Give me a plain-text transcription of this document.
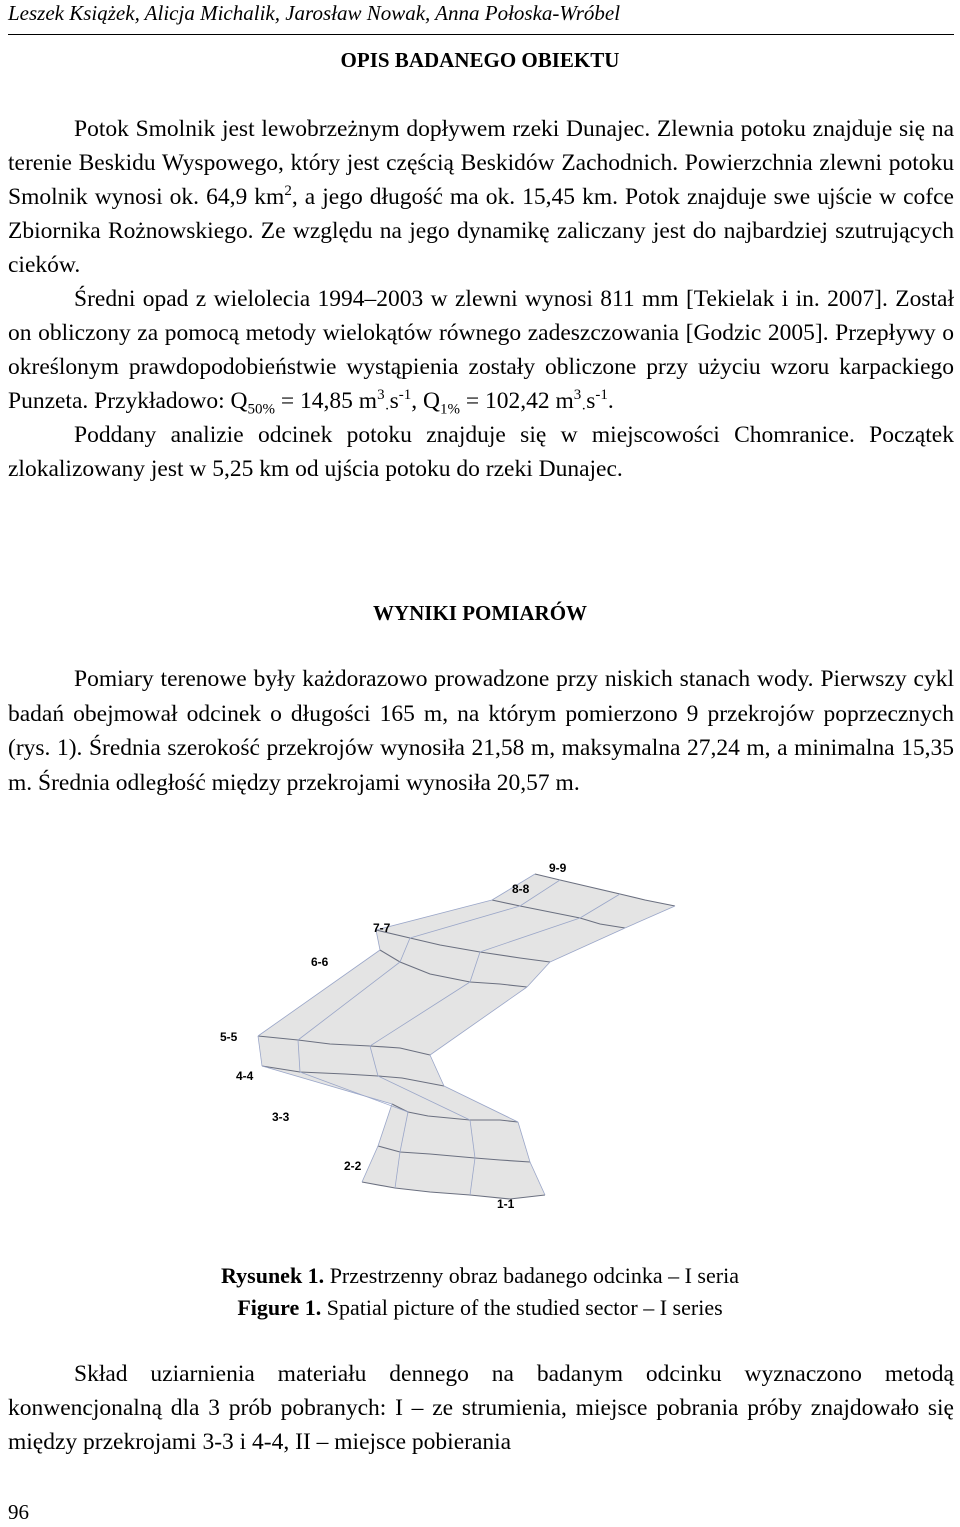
Leszek Książek, Alicja Michalik, Jarosław Nowak, Anna Połoska-Wróbel
OPIS BADANEGO OBIEKTU

Potok Smolnik jest lewobrzeżnym dopływem rzeki Dunajec. Zlewnia potoku znajduje się na terenie Beskidu Wyspowego, który jest częścią Beskidów Zachodnich. Powierzchnia zlewni potoku Smolnik wynosi ok. 64,9 $km^2$, a jego długość ma ok. 15,45 km. Potok znajduje swe ujście w cofce Zbiornika Rożnowskiego. Ze względu na jego dynamikę zaliczany jest do najbardziej szutrujących cieków.

Średni opad z wielolecia 1994–2003 w zlewni wynosi 811 mm [Tekielak i in. 2007]. Został on obliczony za pomocą metody wielokątów równego zadeszczowania [Godzic 2005]. Przepływy o określonym prawdopodobieństwie wystąpienia zostały obliczone przy użyciu wzoru karpackiego Punzeta. Przykładowo: $Q_{50\%} = 14,85$ $m^3_\cdot s^{-1}$, $Q_{1\%} = 102,42$ $m^3_\cdot s^{-1}$.

Poddany analizie odcinek potoku znajduje się w miejscowości Chomranice. Początek zlokalizowany jest w 5,25 km od ujścia potoku do rzeki Dunajec.

WYNIKI POMIARÓW

Pomiary terenowe były każdorazowo prowadzone przy niskich stanach wody. Pierwszy cykl badań obejmował odcinek o długości 165 m, na którym pomierzono 9 przekrojów poprzecznych (rys. 1). Średnia szerokość przekrojów wynosiła 21,58 m, maksymalna 27,24 m, a minimalna 15,35 m. Średnia odległość między przekrojami wynosiła 20,57 m.

1-1
2-2
3-3
4-4
5-5
6-6
7-7
8-8
9-9
Rysunek 1. Przestrzenny obraz badanego odcinka – I seria
Figure 1. Spatial picture of the studied sector – I series

Skład uziarnienia materiału dennego na badanym odcinku wyznaczono metodą konwencjonalną dla 3 prób pobranych: I – ze strumienia, miejsce pobrania próby znajdowało się między przekrojami 3-3 i 4-4, II – miejsce pobierania

96
